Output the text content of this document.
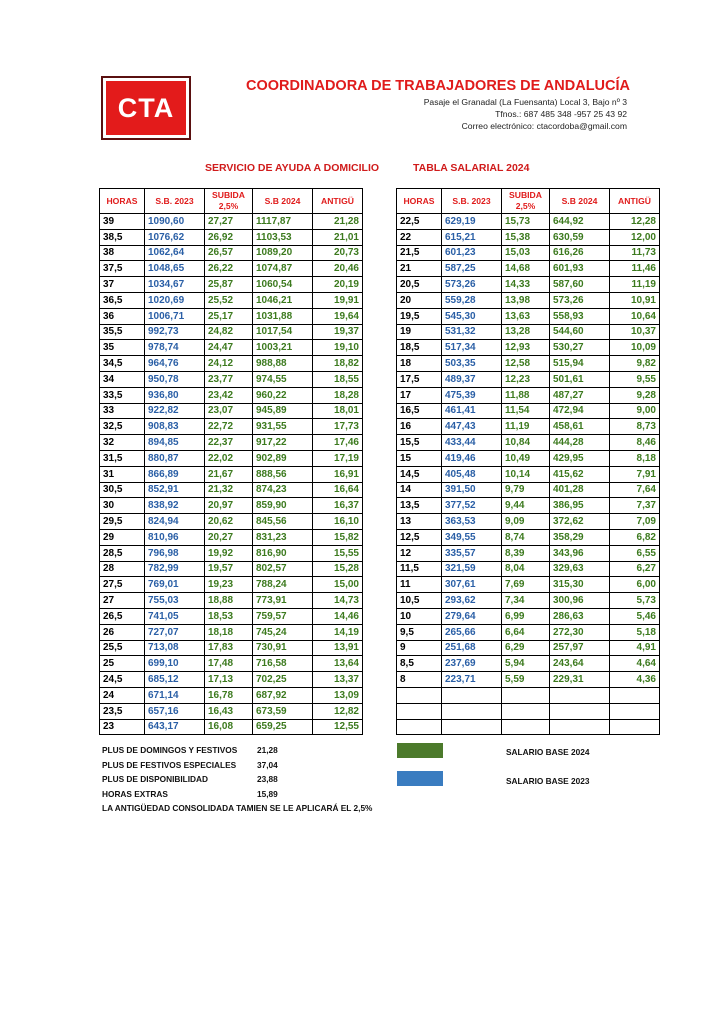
CTA
COORDINADORA DE TRABAJADORES DE ANDALUCÍA
Pasaje el Granadal (La Fuensanta) Local 3, Bajo nº 3
Tfnos.: 687 485 348 -957 25 43 92
Correo electrónico: ctacordoba@gmail.com
SERVICIO DE AYUDA A DOMICILIO	TABLA SALARIAL 2024
HORAS	S.B. 2023	SUBIDA 2,5%	S.B 2024	ANTIGÜ
39	1090,60	27,27	1117,87	21,28
38,5	1076,62	26,92	1103,53	21,01
38	1062,64	26,57	1089,20	20,73
37,5	1048,65	26,22	1074,87	20,46
37	1034,67	25,87	1060,54	20,19
36,5	1020,69	25,52	1046,21	19,91
36	1006,71	25,17	1031,88	19,64
35,5	992,73	24,82	1017,54	19,37
35	978,74	24,47	1003,21	19,10
34,5	964,76	24,12	988,88	18,82
34	950,78	23,77	974,55	18,55
33,5	936,80	23,42	960,22	18,28
33	922,82	23,07	945,89	18,01
32,5	908,83	22,72	931,55	17,73
32	894,85	22,37	917,22	17,46
31,5	880,87	22,02	902,89	17,19
31	866,89	21,67	888,56	16,91
30,5	852,91	21,32	874,23	16,64
30	838,92	20,97	859,90	16,37
29,5	824,94	20,62	845,56	16,10
29	810,96	20,27	831,23	15,82
28,5	796,98	19,92	816,90	15,55
28	782,99	19,57	802,57	15,28
27,5	769,01	19,23	788,24	15,00
27	755,03	18,88	773,91	14,73
26,5	741,05	18,53	759,57	14,46
26	727,07	18,18	745,24	14,19
25,5	713,08	17,83	730,91	13,91
25	699,10	17,48	716,58	13,64
24,5	685,12	17,13	702,25	13,37
24	671,14	16,78	687,92	13,09
23,5	657,16	16,43	673,59	12,82
23	643,17	16,08	659,25	12,55
HORAS	S.B. 2023	SUBIDA 2,5%	S.B 2024	ANTIGÜ
22,5	629,19	15,73	644,92	12,28
22	615,21	15,38	630,59	12,00
21,5	601,23	15,03	616,26	11,73
21	587,25	14,68	601,93	11,46
20,5	573,26	14,33	587,60	11,19
20	559,28	13,98	573,26	10,91
19,5	545,30	13,63	558,93	10,64
19	531,32	13,28	544,60	10,37
18,5	517,34	12,93	530,27	10,09
18	503,35	12,58	515,94	9,82
17,5	489,37	12,23	501,61	9,55
17	475,39	11,88	487,27	9,28
16,5	461,41	11,54	472,94	9,00
16	447,43	11,19	458,61	8,73
15,5	433,44	10,84	444,28	8,46
15	419,46	10,49	429,95	8,18
14,5	405,48	10,14	415,62	7,91
14	391,50	9,79	401,28	7,64
13,5	377,52	9,44	386,95	7,37
13	363,53	9,09	372,62	7,09
12,5	349,55	8,74	358,29	6,82
12	335,57	8,39	343,96	6,55
11,5	321,59	8,04	329,63	6,27
11	307,61	7,69	315,30	6,00
10,5	293,62	7,34	300,96	5,73
10	279,64	6,99	286,63	5,46
9,5	265,66	6,64	272,30	5,18
9	251,68	6,29	257,97	4,91
8,5	237,69	5,94	243,64	4,64
8	223,71	5,59	229,31	4,36

PLUS DE DOMINGOS Y FESTIVOS 21,28
PLUS DE FESTIVOS ESPECIALES	37,04
PLUS DE DISPONIBILIDAD	23,88
HORAS EXTRAS	15,89
LA ANTIGÜEDAD CONSOLIDADA TAMIEN SE LE APLICARÁ EL 2,5%
SALARIO BASE 2024
SALARIO BASE 2023
